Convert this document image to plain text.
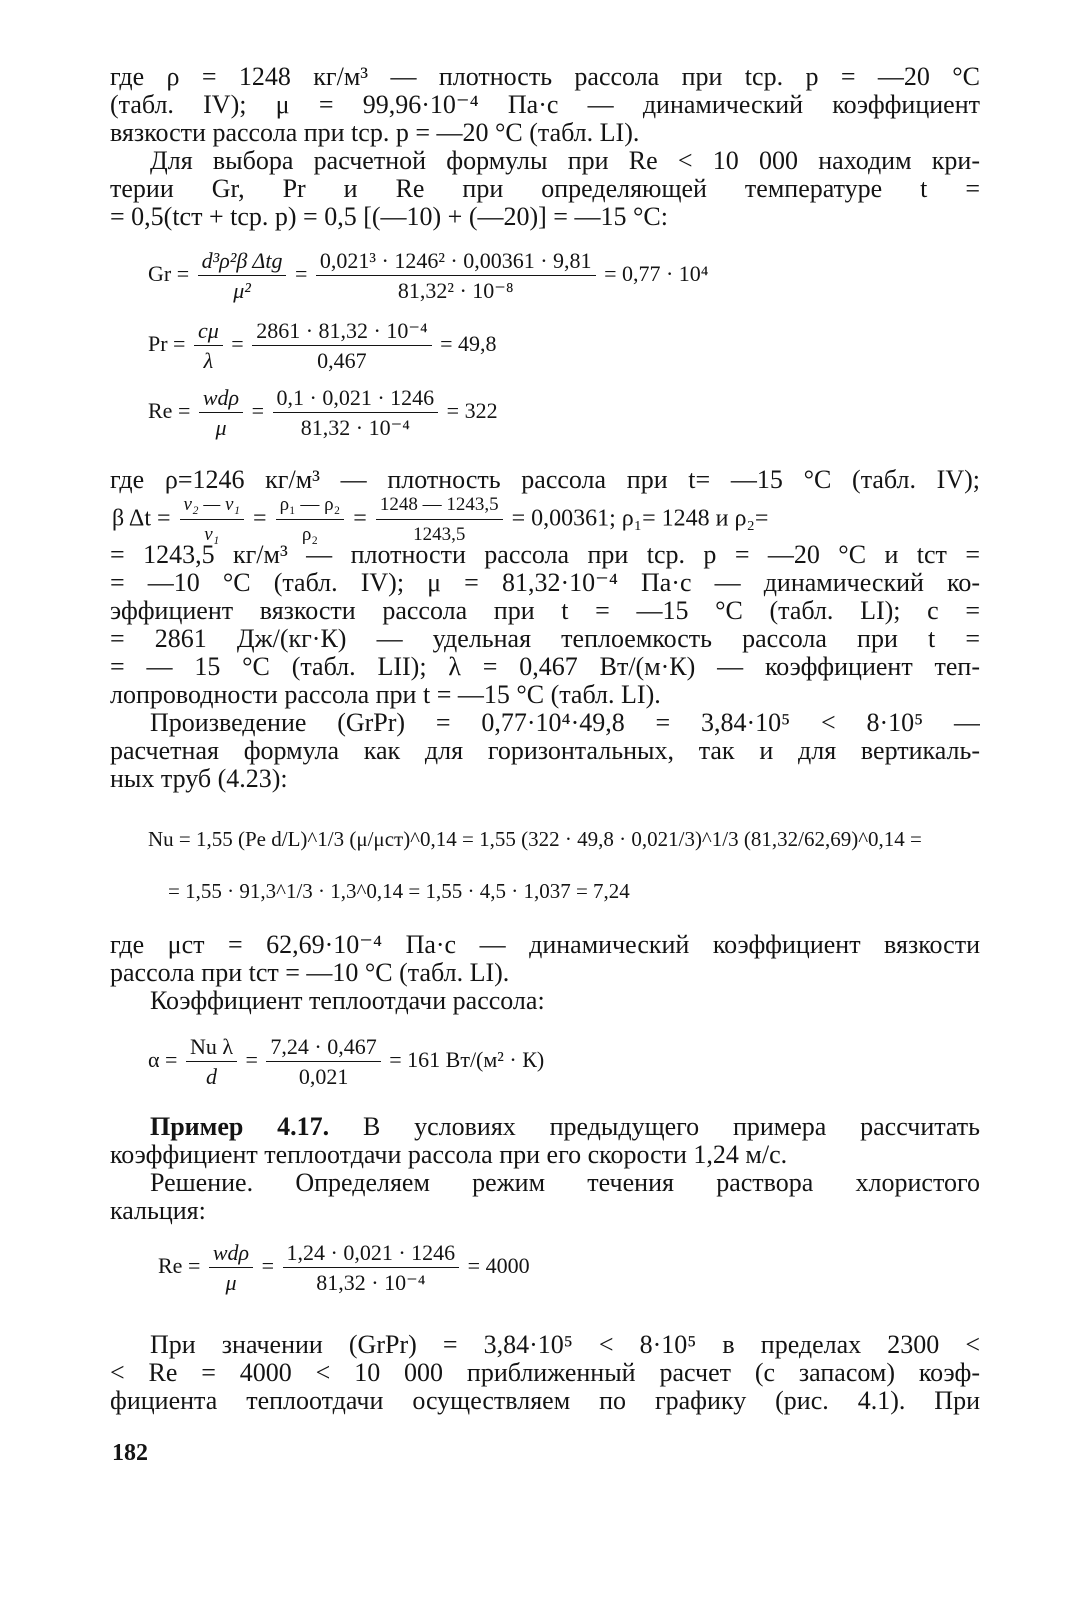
где ρ = 1248 кг/м³ — плотность рассола при tср. р = —20 °С
(табл. IV); μ = 99,96·10⁻⁴ Па·с — динамический коэффициент
вязкости рассола при tср. р = —20 °С (табл. LI).
Для выбора расчетной формулы при Re < 10 000 находим кри-
терии Gr, Pr и Re при определяющей температуре t =
= 0,5(tст + tср. р) = 0,5 [(—10) + (—20)] = —15 °С:
$Gr = \frac{\text{d³ρ²β Δtg}}{\text{μ²}} = \frac{\text{0,021³ · 1246² · 0,00361 · 9,81}}{\text{81,32² · 10⁻⁸}} = 0,77 \cdot 10^4$
$Pr = \frac{c\mu}{\lambda} = \frac{\text{2861 · 81,32 · 10⁻⁴}}{0,467} = 49,8$
$Re = \frac{\text{wdρ}}{\mu} = \frac{0,1 \cdot 0,021 \cdot 1246}{\text{81,32 · 10⁻⁴}} = 322$
где ρ=1246 кг/м³ — плотность рассола при t= —15 °С (табл. IV);
β $\Delta t = \frac{\text{v₂ — v₁}}{\text{v₁}} = \frac{\text{ρ₁ — ρ₂}}{\text{ρ₂}} = \frac{1248 — 1243,5}{1243,5} = 0,00361$; ρ₁= 1248 и ρ₂=
= 1243,5 кг/м³ — плотности рассола при tср. р = —20 °С и tст =
= —10 °С (табл. IV); μ = 81,32·10⁻⁴ Па·с — динамический ко-
эффициент вязкости рассола при t = —15 °С (табл. LI); c =
= 2861 Дж/(кг·К) — удельная теплоемкость рассола при t =
= — 15 °С (табл. LII); λ = 0,467 Вт/(м·К) — коэффициент теп-
лопроводности рассола при t = —15 °С (табл. LI).
Произведение (GrPr) = 0,77·10⁴·49,8 = 3,84·10⁵ < 8·10⁵ —
расчетная формула как для горизонтальных, так и для вертикаль-
ных труб (4.23):
Nu = 1,55 (Pe d/L)^1/3 (μ/μст)^0,14 = 1,55 (322 · 49,8 · 0,021/3)^1/3 (81,32/62,69)^0,14 =
= 1,55 · 91,3^1/3 · 1,3^0,14 = 1,55 · 4,5 · 1,037 = 7,24
где μст = 62,69·10⁻⁴ Па·с — динамический коэффициент вязкости
рассола при tст = —10 °С (табл. LI).
Коэффициент теплоотдачи рассола:
$\alpha = \frac{\text{Nu λ}}{d} = \frac{7,24 \cdot 0,467}{0,021} = 161$ Вт/(м² · К)
Пример 4.17. В условиях предыдущего примера рассчитать
коэффициент теплоотдачи рассола при его скорости 1,24 м/с.
Решение. Определяем режим течения раствора хлористого
кальция:
$Re = \frac{\text{wdρ}}{\mu} = \frac{1,24 \cdot 0,021 \cdot 1246}{\text{81,32 · 10⁻⁴}} = 4000$
При значении (GrPr) = 3,84·10⁵ < 8·10⁵ в пределах 2300 <
< Re = 4000 < 10 000 приближенный расчет (с запасом) коэф-
фициента теплоотдачи осуществляем по графику (рис. 4.1). При
182
